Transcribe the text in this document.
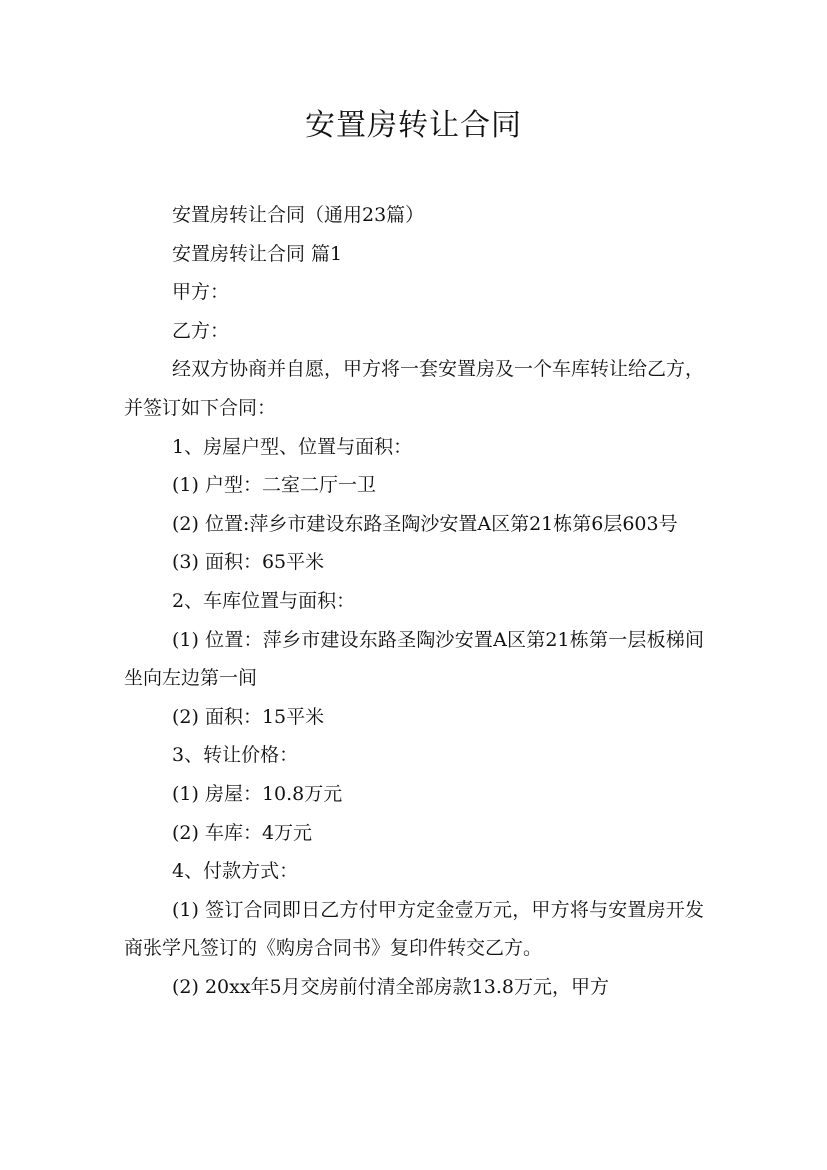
安置房转让合同

安置房转让合同（通用23篇）

安置房转让合同 篇1

甲方：

乙方：

经双方协商并自愿，甲方将一套安置房及一个车库转让给乙方，并签订如下合同：

1、房屋户型、位置与面积：

(1) 户型：二室二厅一卫

(2) 位置:萍乡市建设东路圣陶沙安置A区第21栋第6层603号

(3) 面积：65平米

2、车库位置与面积：

(1) 位置：萍乡市建设东路圣陶沙安置A区第21栋第一层板梯间坐向左边第一间

(2) 面积：15平米

3、转让价格：

(1) 房屋：10.8万元

(2) 车库：4万元

4、付款方式：

(1) 签订合同即日乙方付甲方定金壹万元，甲方将与安置房开发商张学凡签订的《购房合同书》复印件转交乙方。

(2) 20xx年5月交房前付清全部房款13.8万元，甲方
